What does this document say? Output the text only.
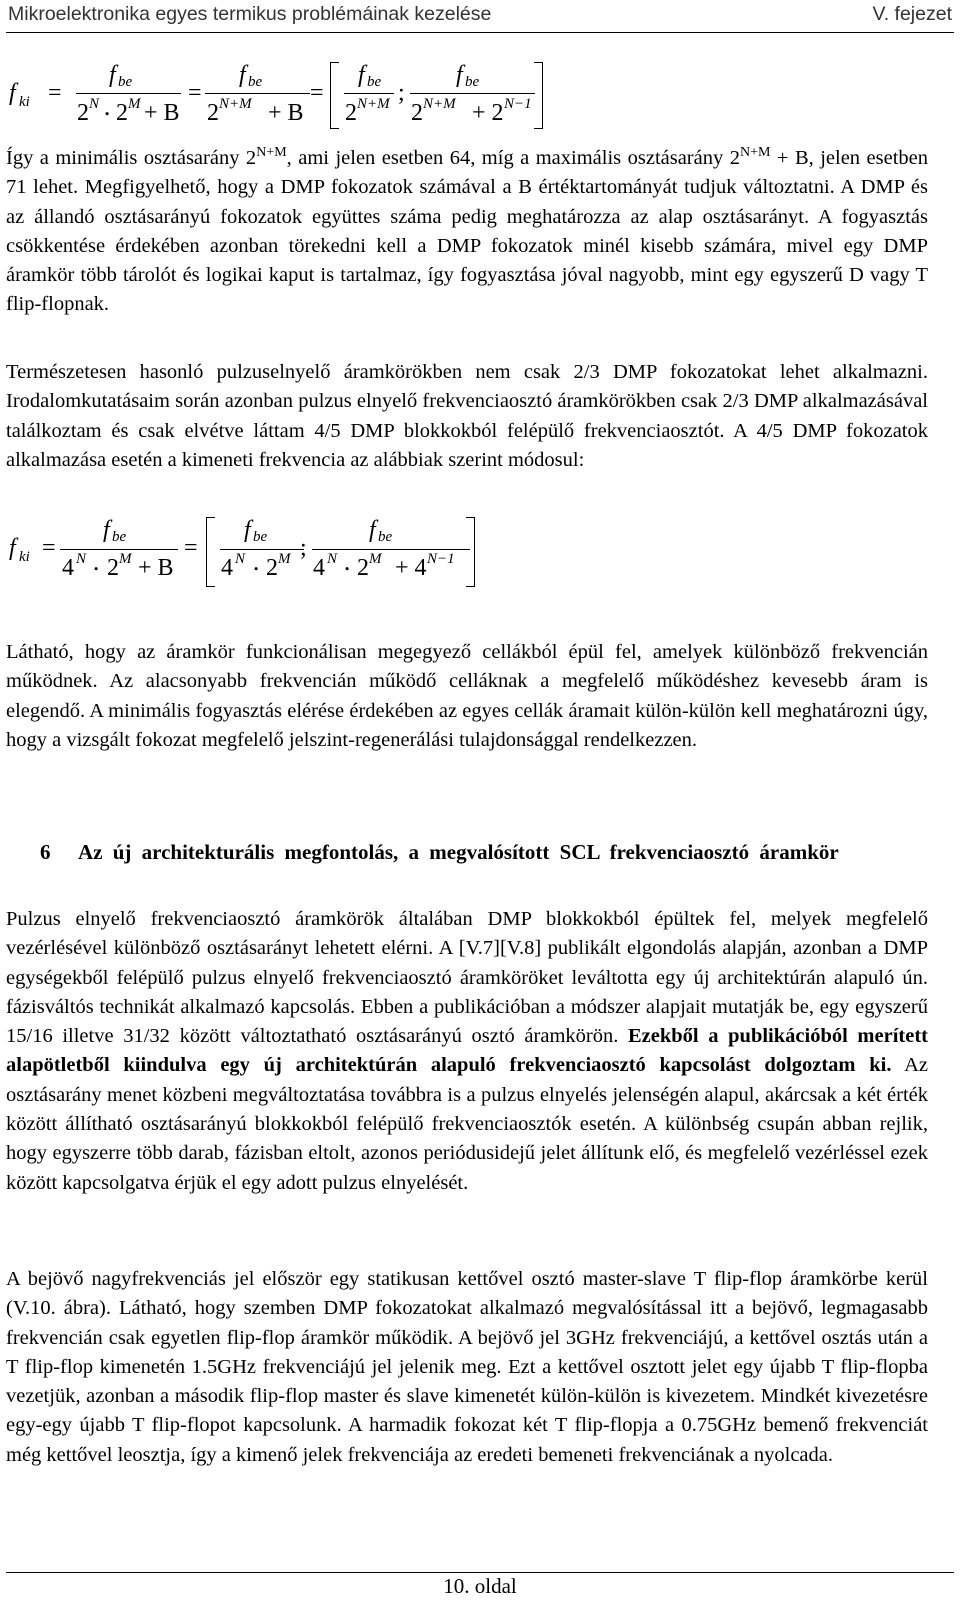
Mikroelektronika egyes termikus problémáinak kezelése	V. fejezet
f ki =
f be
2 N ⋅ 2 M + B
=
f be
2 N+M + B
=
f be
2 N+M ;
f be
2 N+M + 2 N−1

Így a minimális osztásarány $2^{N+M}$, ami jelen esetben 64, míg a maximális osztásarány $2^{N+M} + B$, jelen esetben 71 lehet. Megfigyelhető, hogy a DMP fokozatok számával a B értéktartományát tudjuk változtatni. A DMP és az állandó osztásarányú fokozatok együttes száma pedig meghatározza az alap osztásarányt. A fogyasztás csökkentése érdekében azonban törekedni kell a DMP fokozatok minél kisebb számára, mivel egy DMP áramkör több tárolót és logikai kaput is tartalmaz, így fogyasztása jóval nagyobb, mint egy egyszerű D vagy T flip-flopnak.

Természetesen hasonló pulzuselnyelő áramkörökben nem csak 2/3 DMP fokozatokat lehet alkalmazni. Irodalomkutatásaim során azonban pulzus elnyelő frekvenciaosztó áramkörökben csak 2/3 DMP alkalmazásával találkoztam és csak elvétve láttam 4/5 DMP blokkokból felépülő frekvenciaosztót. A 4/5 DMP fokozatok alkalmazása esetén a kimeneti frekvencia az alábbiak szerint módosul:

f ki =
f be
4 N ⋅ 2 M + B
=
f be
4 N ⋅ 2 M ;
f be
4 N ⋅ 2 M + 4 N−1

Látható, hogy az áramkör funkcionálisan megegyező cellákból épül fel, amelyek különböző frekvencián működnek. Az alacsonyabb frekvencián működő celláknak a megfelelő működéshez kevesebb áram is elegendő. A minimális fogyasztás elérése érdekében az egyes cellák áramait külön-külön kell meghatározni úgy, hogy a vizsgált fokozat megfelelő jelszint-regenerálási tulajdonsággal rendelkezzen.

6 Az új architekturális megfontolás, a megvalósított SCL frekvenciaosztó áramkör

Pulzus elnyelő frekvenciaosztó áramkörök általában DMP blokkokból épültek fel, melyek megfelelő vezérlésével különböző osztásarányt lehetett elérni. A [V.7][V.8] publikált elgondolás alapján, azonban a DMP egységekből felépülő pulzus elnyelő frekvenciaosztó áramköröket leváltotta egy új architektúrán alapuló ún. fázisváltós technikát alkalmazó kapcsolás. Ebben a publikációban a módszer alapjait mutatják be, egy egyszerű 15/16 illetve 31/32 között változtatható osztásarányú osztó áramkörön. Ezekből a publikációból merített alapötletből kiindulva egy új architektúrán alapuló frekvenciaosztó kapcsolást dolgoztam ki. Az osztásarány menet közbeni megváltoztatása továbbra is a pulzus elnyelés jelenségén alapul, akárcsak a két érték között állítható osztásarányú blokkokból felépülő frekvenciaosztók esetén. A különbség csupán abban rejlik, hogy egyszerre több darab, fázisban eltolt, azonos periódusidejű jelet állítunk elő, és megfelelő vezérléssel ezek között kapcsolgatva érjük el egy adott pulzus elnyelését.

A bejövő nagyfrekvenciás jel először egy statikusan kettővel osztó master-slave T flip-flop áramkörbe kerül (V.10. ábra). Látható, hogy szemben DMP fokozatokat alkalmazó megvalósítással itt a bejövő, legmagasabb frekvencián csak egyetlen flip-flop áramkör működik. A bejövő jel 3GHz frekvenciájú, a kettővel osztás után a T flip-flop kimenetén 1.5GHz frekvenciájú jel jelenik meg. Ezt a kettővel osztott jelet egy újabb T flip-flopba vezetjük, azonban a második flip-flop master és slave kimenetét külön-külön is kivezetem. Mindkét kivezetésre egy-egy újabb T flip-flopot kapcsolunk. A harmadik fokozat két T flip-flopja a 0.75GHz bemenő frekvenciát még kettővel leosztja, így a kimenő jelek frekvenciája az eredeti bemeneti frekvenciának a nyolcada.

10. oldal
